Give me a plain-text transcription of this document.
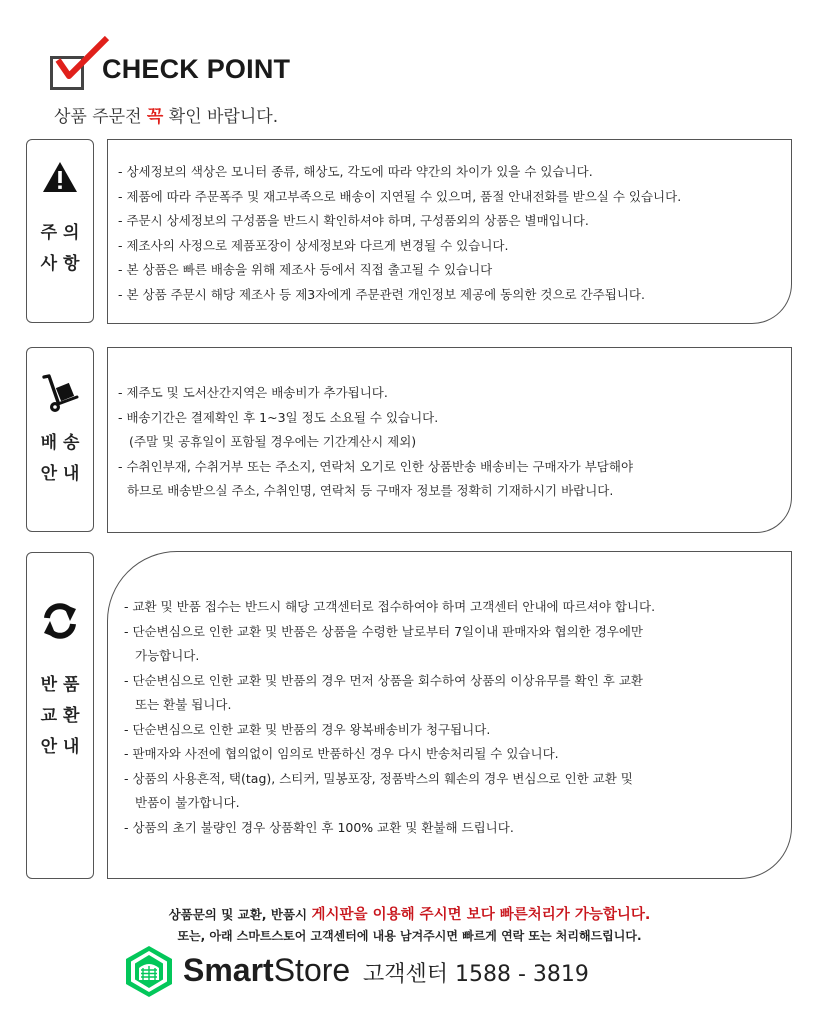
CHECK POINT
상품 주문전 꼭 확인 바랍니다.
주의
사항
- 상세정보의 색상은 모니터 종류, 해상도, 각도에 따라 약간의 차이가 있을 수 있습니다.
- 제품에 따라 주문폭주 및 재고부족으로 배송이 지연될 수 있으며, 품절 안내전화를 받으실 수 있습니다.
- 주문시 상세정보의 구성품을 반드시 확인하셔야 하며, 구성품외의 상품은 별매입니다.
- 제조사의 사정으로 제품포장이 상세정보와 다르게 변경될 수 있습니다.
- 본 상품은 빠른 배송을 위해 제조사 등에서 직접 출고될 수 있습니다
- 본 상품 주문시 해당 제조사 등 제3자에게 주문관련 개인정보 제공에 동의한 것으로 간주됩니다.
배송
안내
- 제주도 및 도서산간지역은 배송비가 추가됩니다.
- 배송기간은 결제확인 후 1~3일 정도 소요될 수 있습니다.
(주말 및 공휴일이 포함될 경우에는 기간계산시 제외)
- 수취인부재, 수취거부 또는 주소지, 연락처 오기로 인한 상품반송 배송비는 구매자가 부담해야
하므로 배송받으실 주소, 수취인명, 연락처 등 구매자 정보를 정확히 기재하시기 바랍니다.
반품
교환
안내
- 교환 및 반품 접수는 반드시 해당 고객센터로 접수하여야 하며 고객센터 안내에 따르셔야 합니다.
- 단순변심으로 인한 교환 및 반품은 상품을 수령한 날로부터 7일이내 판매자와 협의한 경우에만
가능합니다.
- 단순변심으로 인한 교환 및 반품의 경우 먼저 상품을 회수하여 상품의 이상유무를 확인 후 교환
또는 환불 됩니다.
- 단순변심으로 인한 교환 및 반품의 경우 왕복배송비가 청구됩니다.
- 판매자와 사전에 협의없이 임의로 반품하신 경우 다시 반송처리될 수 있습니다.
- 상품의 사용흔적, 택(tag), 스티커, 밀봉포장, 정품박스의 훼손의 경우 변심으로 인한 교환 및
반품이 불가합니다.
- 상품의 초기 불량인 경우 상품확인 후 100% 교환 및 환불해 드립니다.
상품문의 및 교환, 반품시 게시판을 이용해 주시면 보다 빠른처리가 가능합니다.
또는, 아래 스마트스토어 고객센터에 내용 남겨주시면 빠르게 연락 또는 처리해드립니다.
SmartStore 고객센터 1588 - 3819
